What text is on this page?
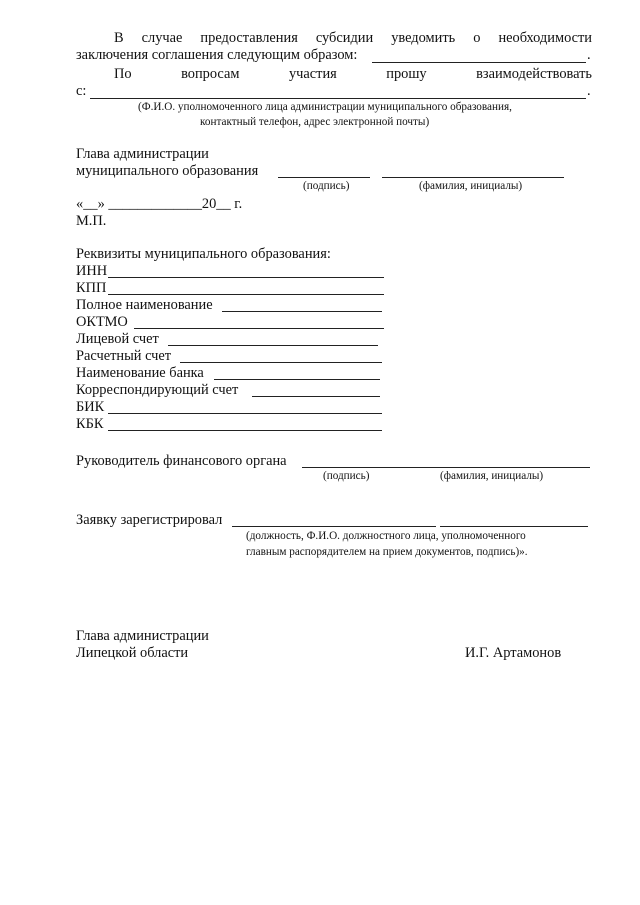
В случае предоставления субсидии уведомить о необходимости
заключения соглашения следующим образом:	.
По вопросам участия прошу взаимодействовать
с:	.
(Ф.И.О. уполномоченного лица администрации муниципального образования,
контактный телефон, адрес электронной почты)
Глава администрации
муниципального образования
(подпись)	(фамилия, инициалы)
«__» _____________20__ г.
М.П.
Реквизиты муниципального образования:
ИНН
КПП
Полное наименование
ОКТМО
Лицевой счет
Расчетный счет
Наименование банка
Корреспондирующий счет
БИК
КБК
Руководитель финансового органа
(подпись)	(фамилия, инициалы)
Заявку зарегистрировал
(должность, Ф.И.О. должностного лица, уполномоченного
главным распорядителем на прием документов, подпись)».
Глава администрации
Липецкой области	И.Г. Артамонов
